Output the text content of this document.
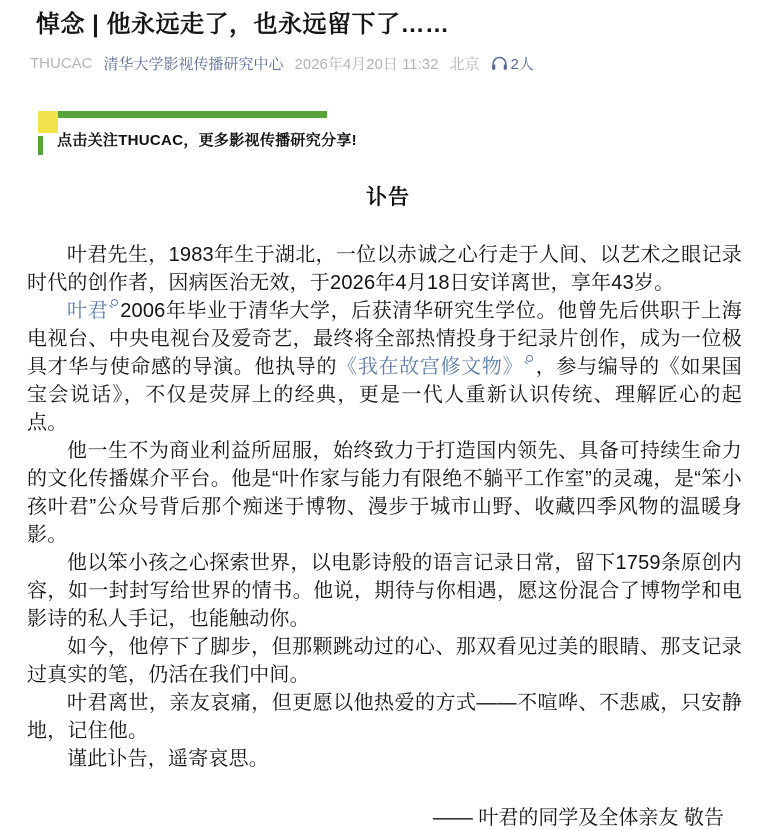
悼念 | 他永远走了，也永远留下了……
THUCAC 清华大学影视传播研究中心 2026年4月20日 11:32 北京 2人
点击关注THUCAC，更多影视传播研究分享!
讣告

叶君先生，1983年生于湖北，一位以赤诚之心行走于人间、以艺术之眼记录时代的创作者，因病医治无效，于2026年4月18日安详离世，享年43岁。

叶君 2006年毕业于清华大学，后获清华研究生学位。他曾先后供职于上海电视台、中央电视台及爱奇艺，最终将全部热情投身于纪录片创作，成为一位极具才华与使命感的导演。他执导的《我在故宫修文物》 ，参与编导的《如果国宝会说话》，不仅是荧屏上的经典，更是一代人重新认识传统、理解匠心的起点。

他一生不为商业利益所屈服，始终致力于打造国内领先、具备可持续生命力的文化传播媒介平台。他是“叶作家与能力有限绝不躺平工作室”的灵魂，是“笨小孩叶君”公众号背后那个痴迷于博物、漫步于城市山野、收藏四季风物的温暖身影。

他以笨小孩之心探索世界，以电影诗般的语言记录日常，留下1759条原创内容，如一封封写给世界的情书。他说，期待与你相遇，愿这份混合了博物学和电影诗的私人手记，也能触动你。

如今，他停下了脚步，但那颗跳动过的心、那双看见过美的眼睛、那支记录过真实的笔，仍活在我们中间。

叶君离世，亲友哀痛，但更愿以他热爱的方式——不喧哗、不悲戚，只安静地，记住他。

谨此讣告，遥寄哀思。

—— 叶君的同学及全体亲友 敬告
